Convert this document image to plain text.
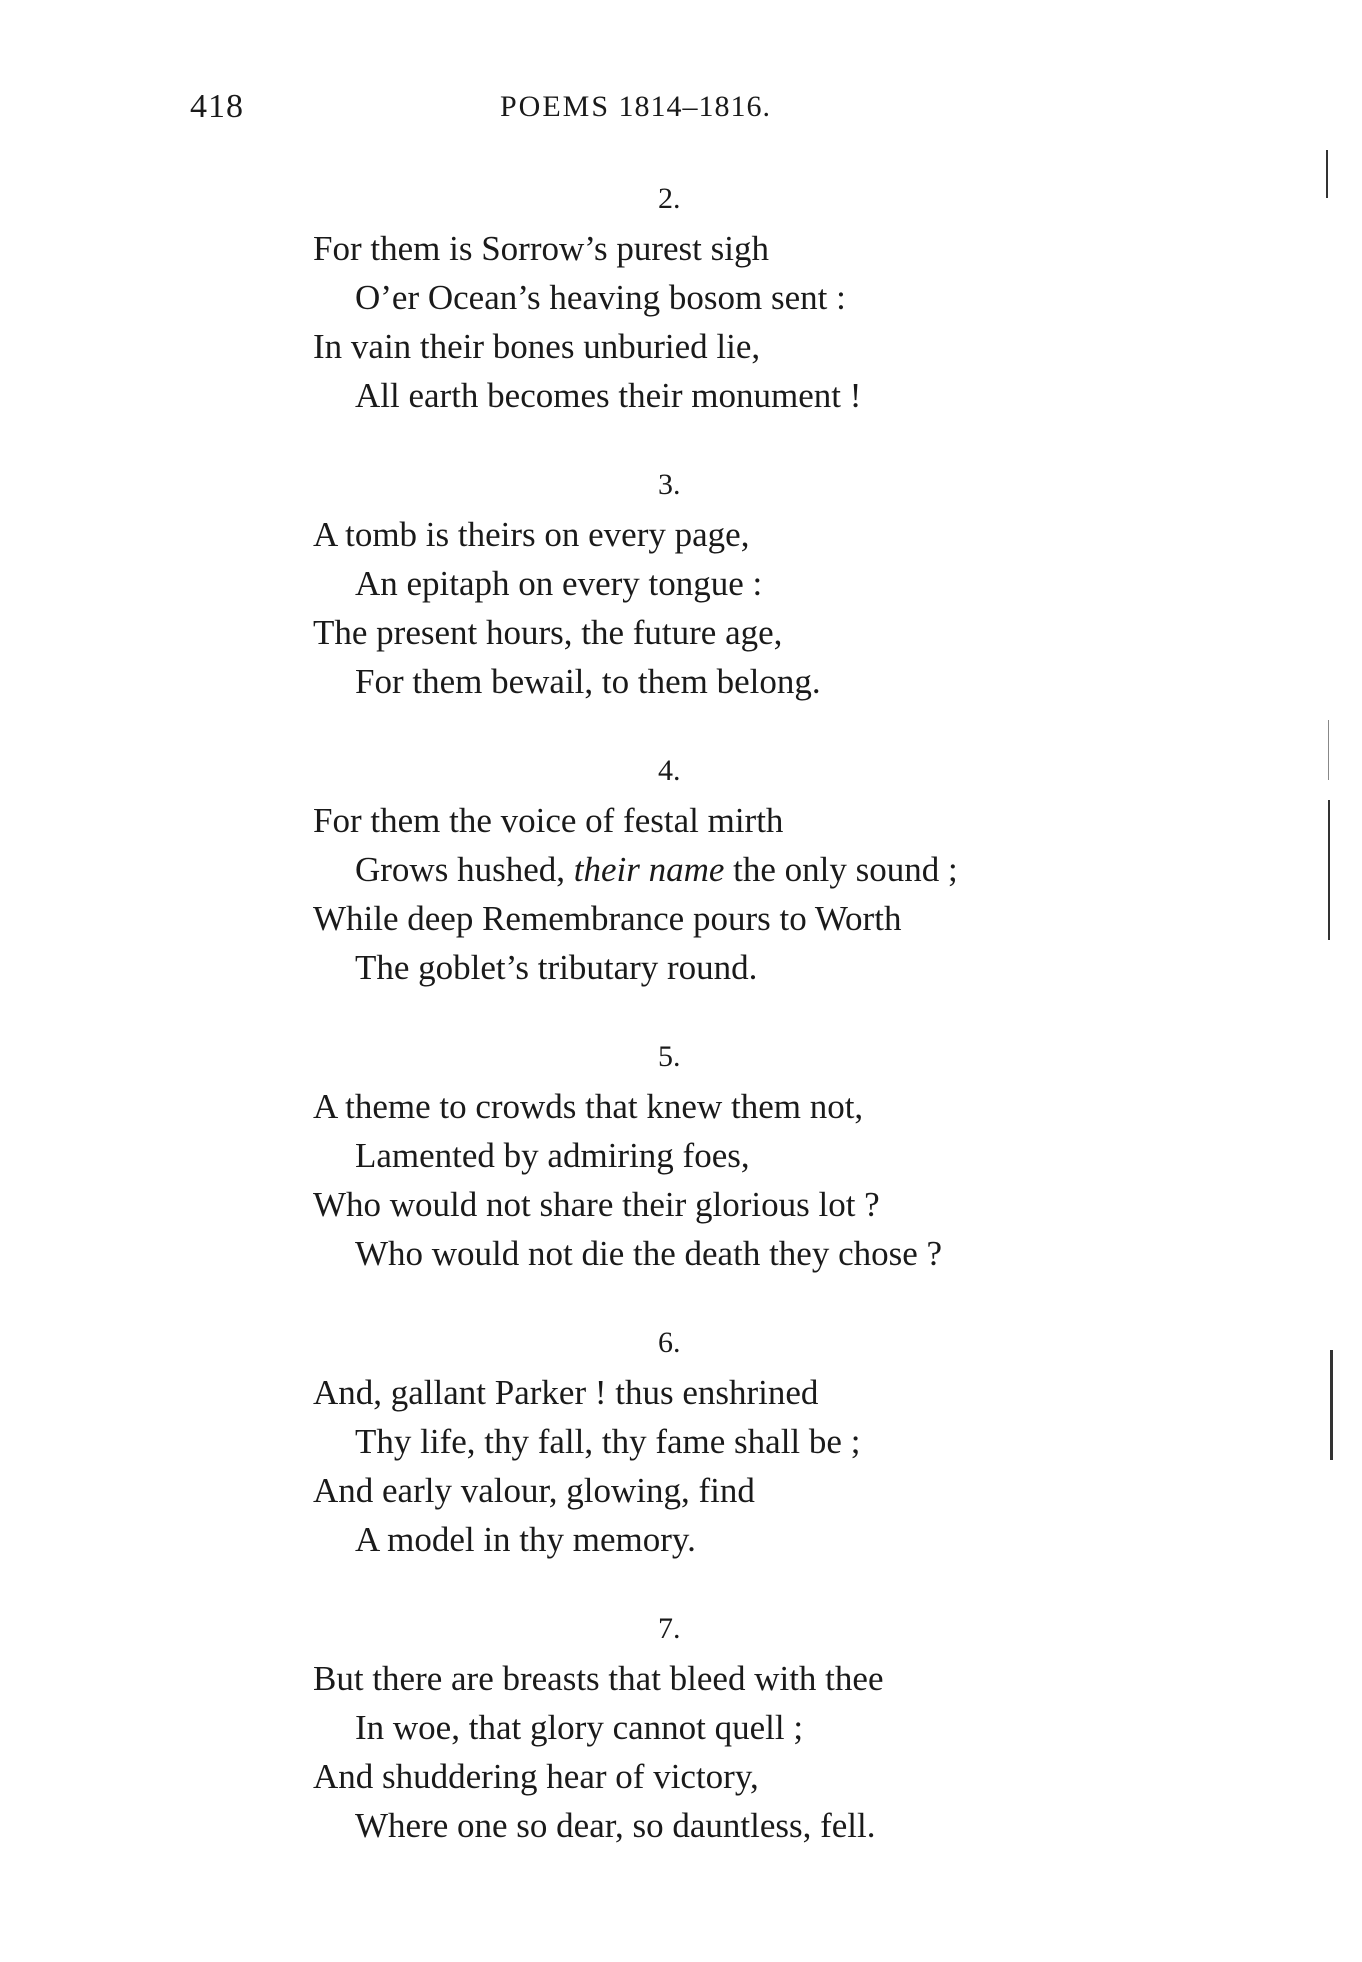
418	POEMS 1814–1816.
2.
For them is Sorrow’s purest sigh
O’er Ocean’s heaving bosom sent :
In vain their bones unburied lie,
All earth becomes their monument !
3.
A tomb is theirs on every page,
An epitaph on every tongue :
The present hours, the future age,
For them bewail, to them belong.
4.
For them the voice of festal mirth
Grows hushed, their name the only sound ;
While deep Remembrance pours to Worth
The goblet’s tributary round.
5.
A theme to crowds that knew them not,
Lamented by admiring foes,
Who would not share their glorious lot ?
Who would not die the death they chose ?
6.
And, gallant Parker ! thus enshrined
Thy life, thy fall, thy fame shall be ;
And early valour, glowing, find
A model in thy memory.
7.
But there are breasts that bleed with thee
In woe, that glory cannot quell ;
And shuddering hear of victory,
Where one so dear, so dauntless, fell.
